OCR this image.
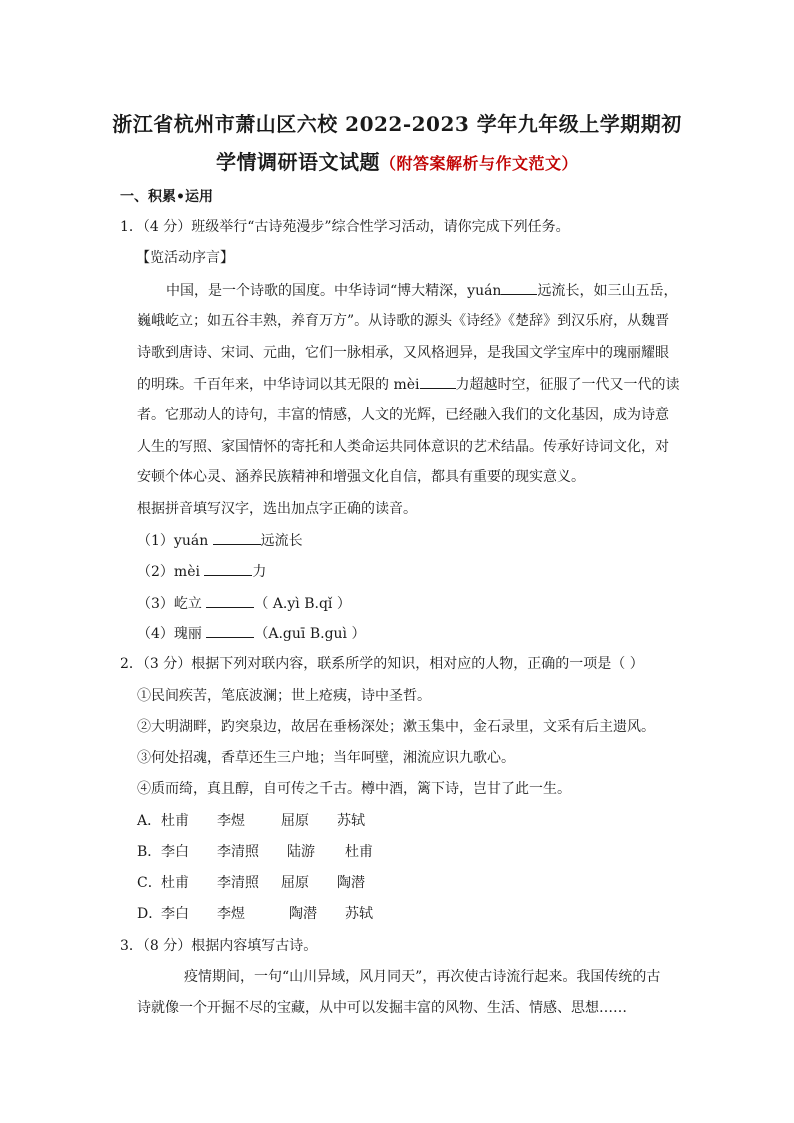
浙江省杭州市萧山区六校 2022-2023 学年九年级上学期期初
学情调研语文试题（附答案解析与作文范文）
一、积累•运用
1．（4 分）班级举行“古诗苑漫步”综合性学习活动，请你完成下列任务。
【览活动序言】
中国，是一个诗歌的国度。中华诗词“博大精深，yuán	远流长，如三山五岳，
巍峨屹立；如五谷丰熟，养育万方”。从诗歌的源头《诗经》《楚辞》到汉乐府，从魏晋
诗歌到唐诗、宋词、元曲，它们一脉相承，又风格迥异，是我国文学宝库中的瑰丽耀眼
的明珠。千百年来，中华诗词以其无限的 mèi	力超越时空，征服了一代又一代的读
者。它那动人的诗句，丰富的情感，人文的光辉，已经融入我们的文化基因，成为诗意
人生的写照、家国情怀的寄托和人类命运共同体意识的艺术结晶。传承好诗词文化，对
安顿个体心灵、涵养民族精神和增强文化自信，都具有重要的现实意义。
根据拼音填写汉字，选出加点字正确的读音。
（1）yuán	远流长
（2）mèi	力
（3）屹立	（ A.yì B.qǐ ）
（4）瑰丽	（A.guī B.guì ）
2．（3 分）根据下列对联内容，联系所学的知识，相对应的人物，正确的一项是（ ）
①民间疾苦，笔底波澜；世上疮痍，诗中圣哲。
②大明湖畔，趵突泉边，故居在垂杨深处；漱玉集中，金石录里，文采有后主遗风。
③何处招魂，香草还生三户地；当年呵壁，湘流应识九歌心。
④质而绮，真且醇，自可传之千古。樽中酒，篱下诗，岂甘了此一生。
A．杜甫 李煜	屈原 苏轼
B．李白 李清照 陆游 杜甫
C．杜甫 李清照 屈原 陶潜
D．李白 李煜	陶潜 苏轼
3．（8 分）根据内容填写古诗。
疫情期间，一句“山川异域，风月同天”，再次使古诗流行起来。我国传统的古
诗就像一个开掘不尽的宝藏，从中可以发掘丰富的风物、生活、情感、思想……
